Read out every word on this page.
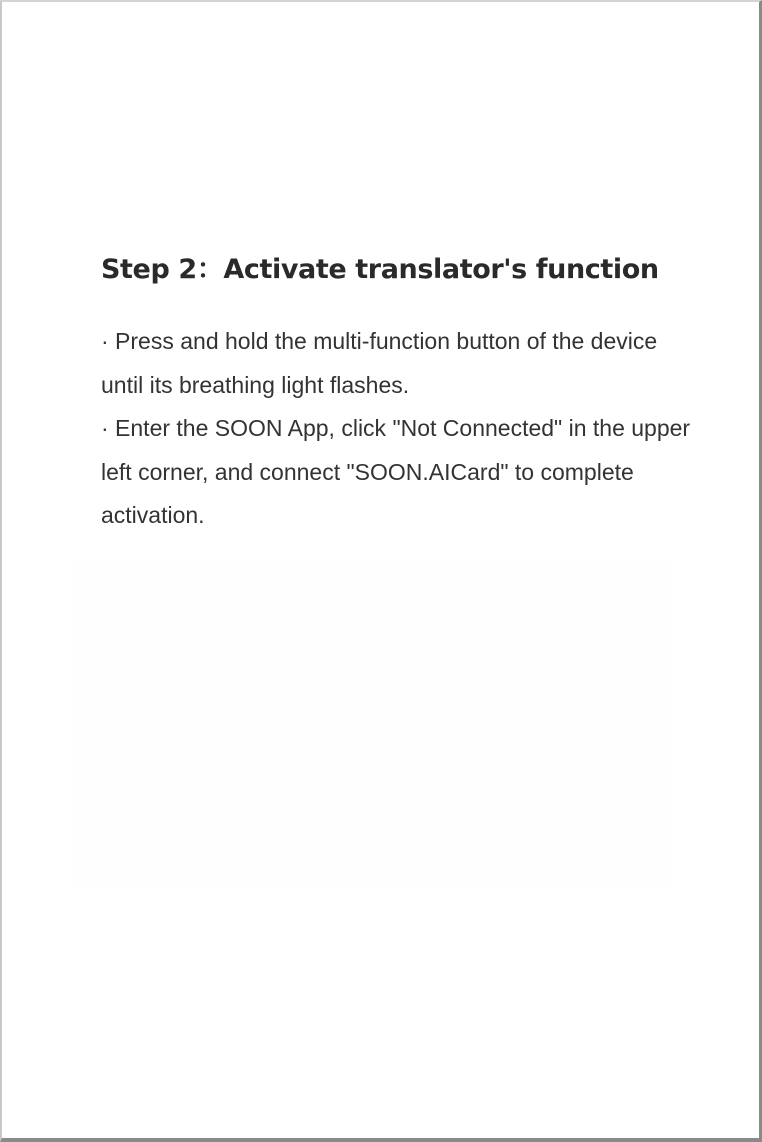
Step 2：Activate translator's function

· Press and hold the multi-function button of the device until its breathing light flashes.

· Enter the SOON App, click "Not Connected" in the upper left corner, and connect "SOON.AICard" to complete activation.
